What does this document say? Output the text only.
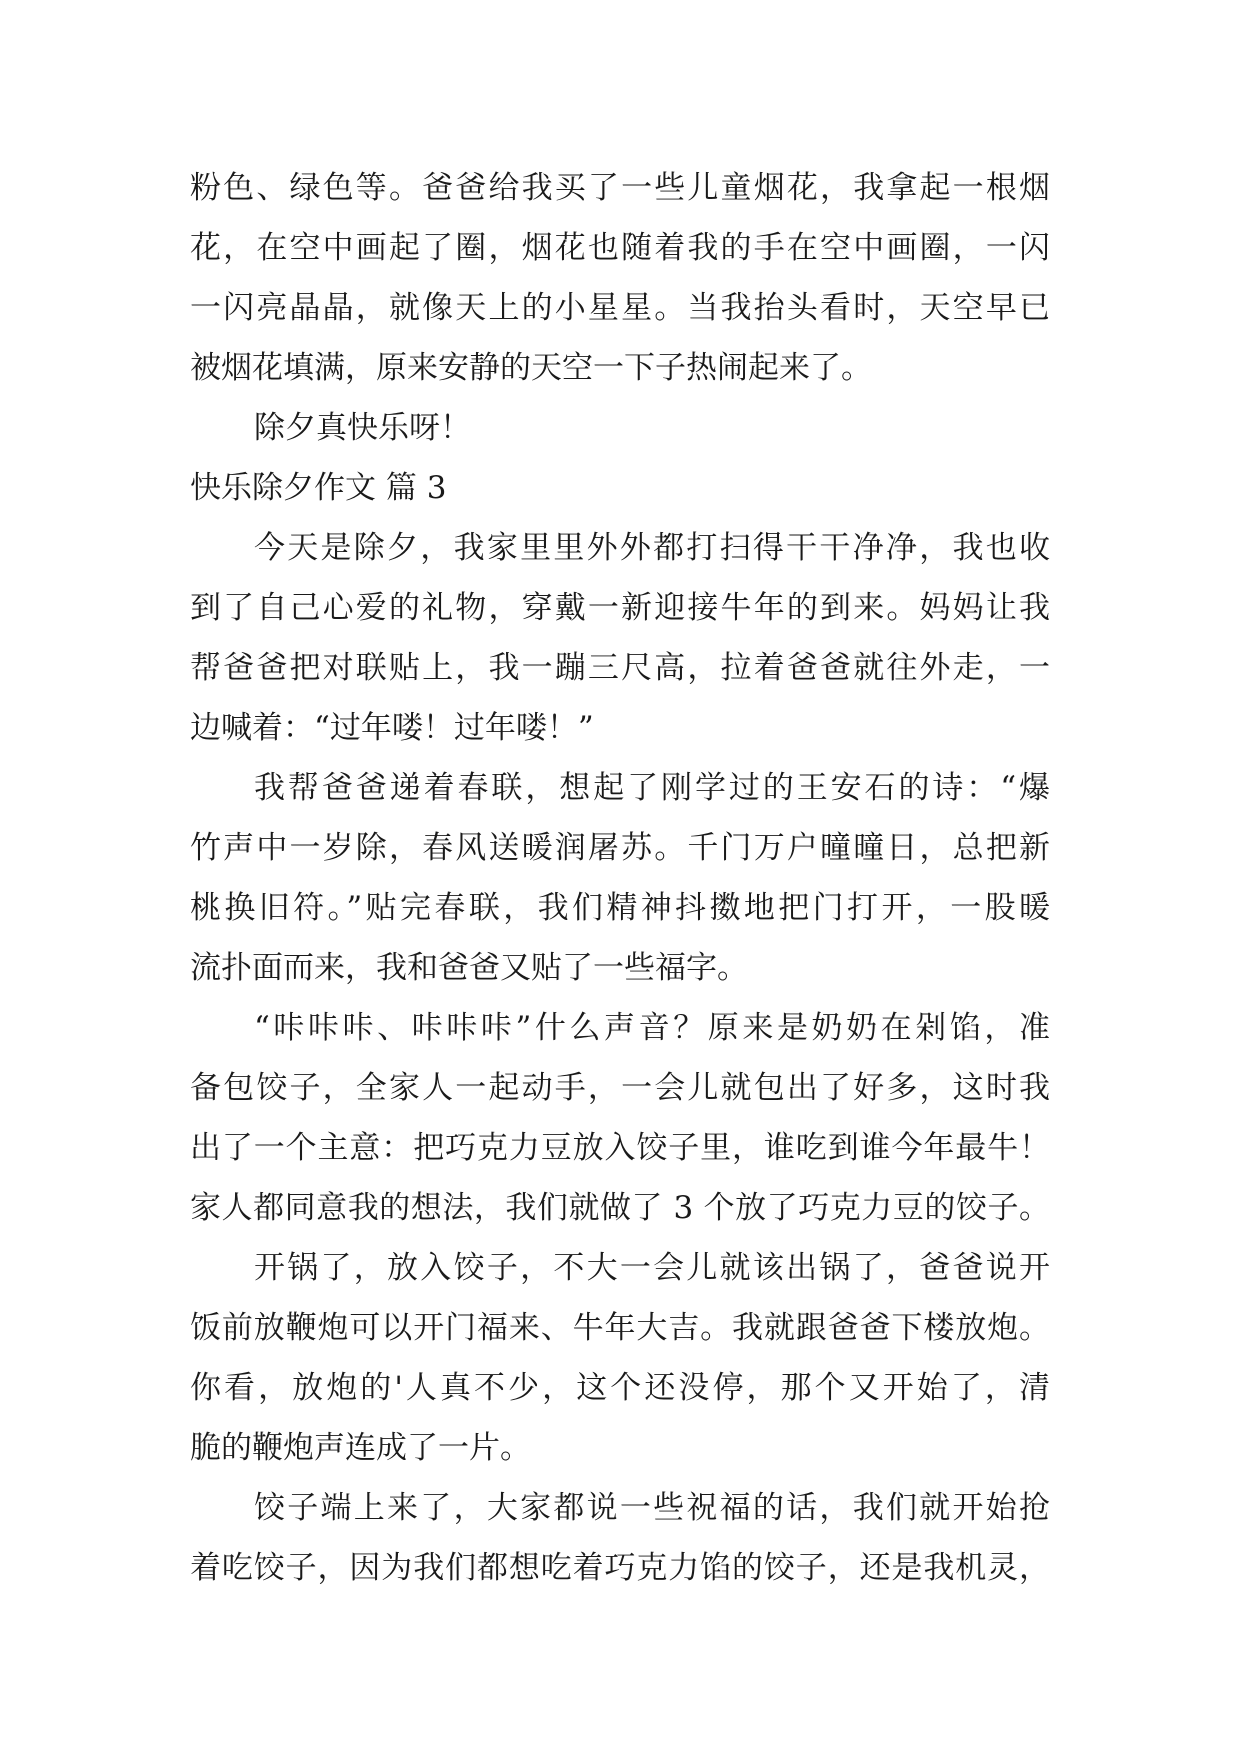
粉色、绿色等。爸爸给我买了一些儿童烟花，我拿起一根烟
花，在空中画起了圈，烟花也随着我的手在空中画圈，一闪
一闪亮晶晶，就像天上的小星星。当我抬头看时，天空早已
被烟花填满，原来安静的天空一下子热闹起来了。
除夕真快乐呀！
快乐除夕作文 篇 3
今天是除夕，我家里里外外都打扫得干干净净，我也收
到了自己心爱的礼物，穿戴一新迎接牛年的到来。妈妈让我
帮爸爸把对联贴上，我一蹦三尺高，拉着爸爸就往外走，一
边喊着：“过年喽！过年喽！”
我帮爸爸递着春联，想起了刚学过的王安石的诗：“爆
竹声中一岁除，春风送暖润屠苏。千门万户曈曈日，总把新
桃换旧符。”贴完春联，我们精神抖擞地把门打开，一股暖
流扑面而来，我和爸爸又贴了一些福字。
“咔咔咔、咔咔咔”什么声音？原来是奶奶在剁馅，准
备包饺子，全家人一起动手，一会儿就包出了好多，这时我
出了一个主意：把巧克力豆放入饺子里，谁吃到谁今年最牛！
家人都同意我的想法，我们就做了 3 个放了巧克力豆的饺子。
开锅了，放入饺子，不大一会儿就该出锅了，爸爸说开
饭前放鞭炮可以开门福来、牛年大吉。我就跟爸爸下楼放炮。
你看，放炮的'人真不少，这个还没停，那个又开始了，清
脆的鞭炮声连成了一片。
饺子端上来了，大家都说一些祝福的话，我们就开始抢
着吃饺子，因为我们都想吃着巧克力馅的饺子，还是我机灵，
